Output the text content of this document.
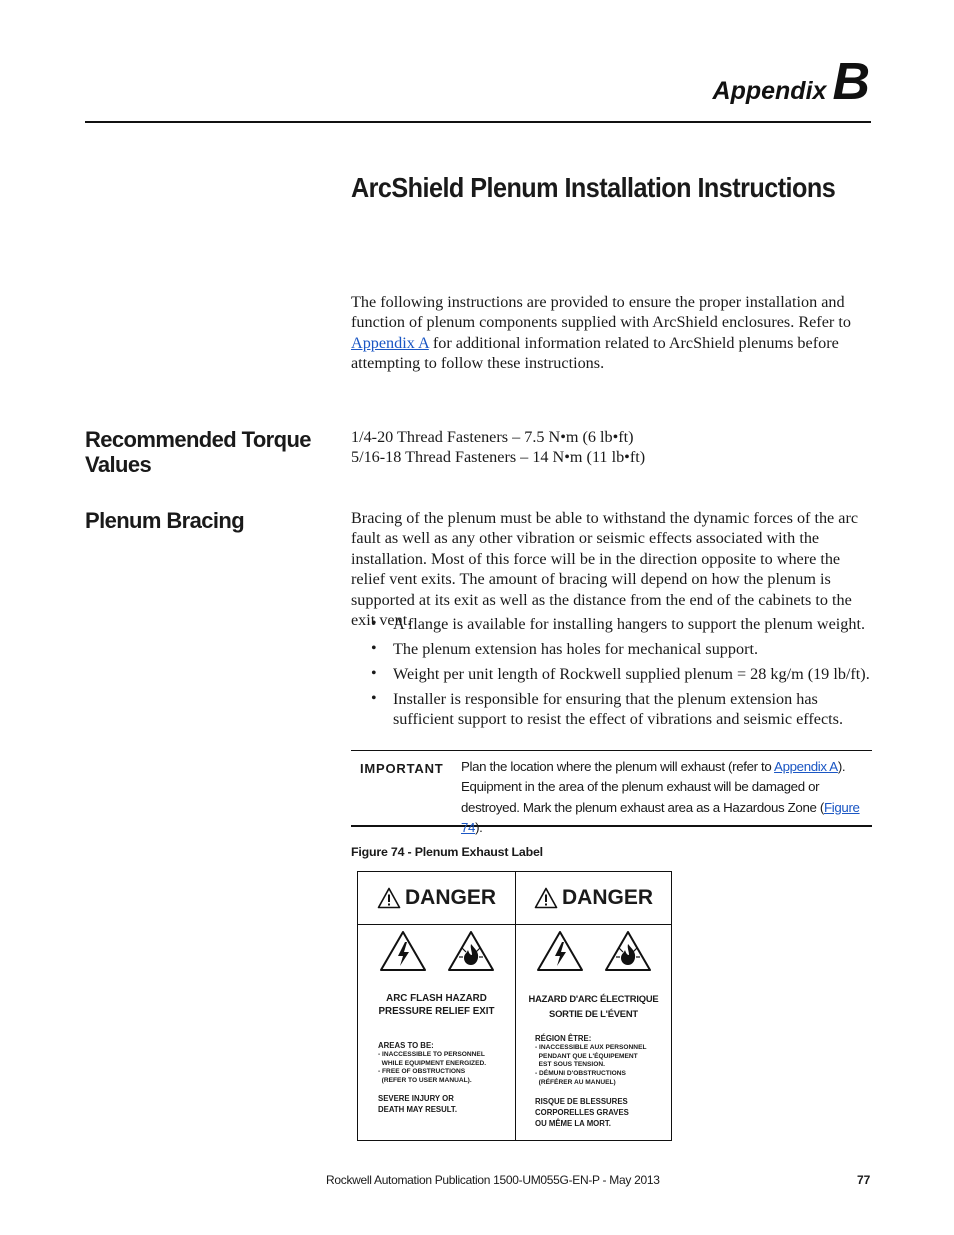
Appendix B
ArcShield Plenum Installation Instructions

The following instructions are provided to ensure the proper installation and function of plenum components supplied with ArcShield enclosures. Refer to Appendix A for additional information related to ArcShield plenums before attempting to follow these instructions.

Recommended Torque Values
1/4-20 Thread Fasteners – 7.5 N•m (6 lb•ft)
5/16-18 Thread Fasteners – 14 N•m (11 lb•ft)
Plenum Bracing	Bracing of the plenum must be able to withstand the dynamic forces of the arc fault as well as any other vibration or seismic effects associated with the installation. Most of this force will be in the direction opposite to where the relief vent exits. The amount of bracing will depend on how the plenum is supported at its exit as well as the distance from the end of the cabinets to the exit vent.

• A flange is available for installing hangers to support the plenum weight.
• The plenum extension has holes for mechanical support.
• Weight per unit length of Rockwell supplied plenum = 28 kg/m (19 lb/ft).
• Installer is responsible for ensuring that the plenum extension has sufficient support to resist the effect of vibrations and seismic effects.
IMPORTANT Plan the location where the plenum will exhaust (refer to Appendix A). Equipment in the area of the plenum exhaust will be damaged or destroyed. Mark the plenum exhaust area as a Hazardous Zone (Figure 74).
Figure 74 - Plenum Exhaust Label
DANGER
ARC FLASH HAZARD
PRESSURE RELIEF EXIT
AREAS TO BE:
- INACCESSIBLE TO PERSONNEL
WHILE EQUIPMENT ENERGIZED.
- FREE OF OBSTRUCTIONS
(REFER TO USER MANUAL).
SEVERE INJURY OR
DEATH MAY RESULT.
DANGER
HAZARD D'ARC ÉLECTRIQUE
SORTIE DE L'ÉVENT
RÉGION ÊTRE:
- INACCESSIBLE AUX PERSONNEL
PENDANT QUE L'ÉQUIPEMENT
EST SOUS TENSION.
- DÉMUNI D'OBSTRUCTIONS
(RÉFÉRER AU MANUEL)
RISQUE DE BLESSURES
CORPORELLES GRAVES
OU MÊME LA MORT.
Rockwell Automation Publication 1500-UM055G-EN-P - May 2013	77
